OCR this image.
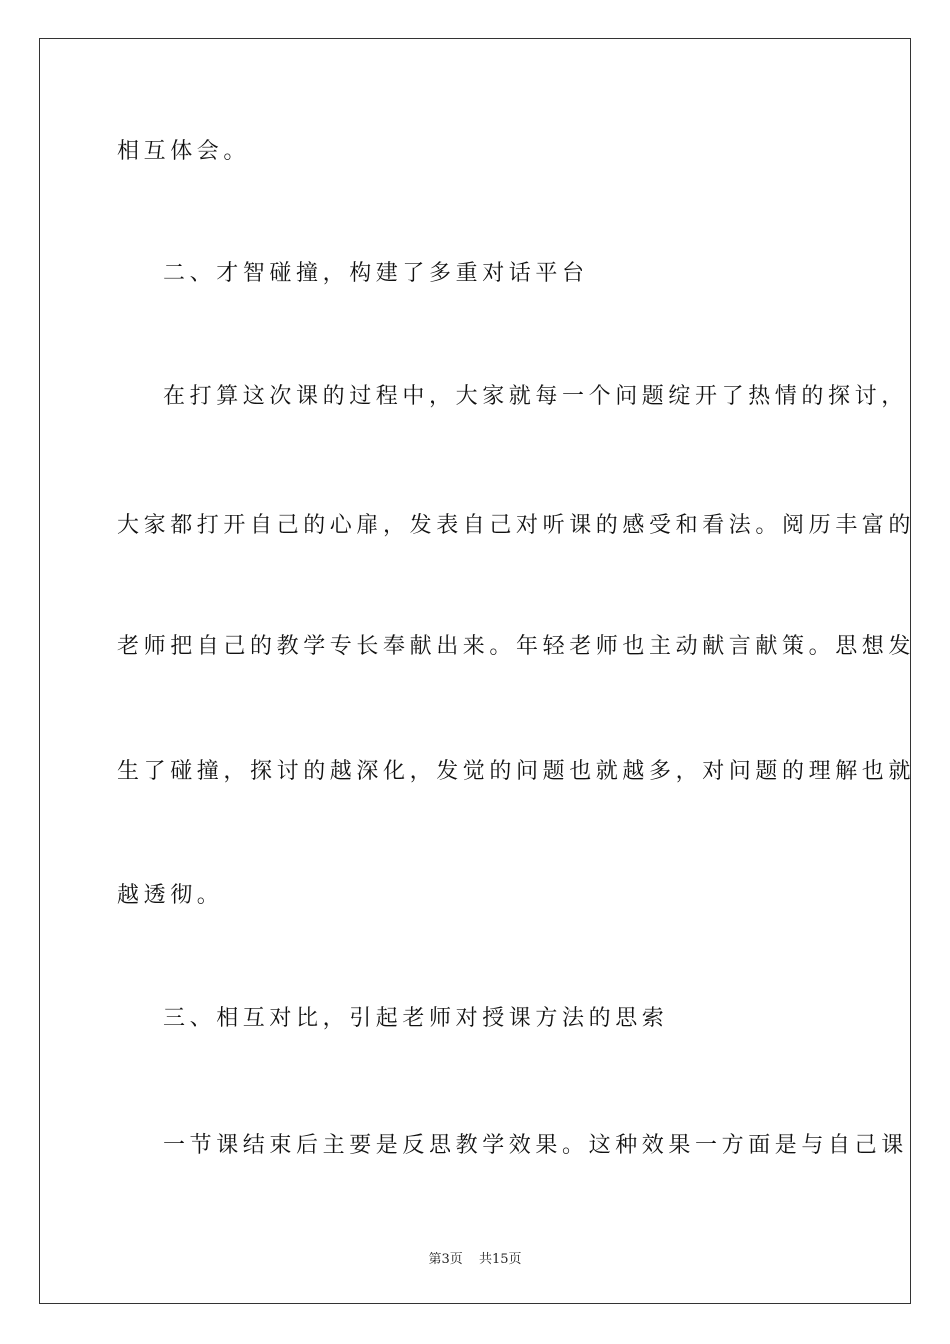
相互体会。
二、才智碰撞，构建了多重对话平台
在打算这次课的过程中，大家就每一个问题绽开了热情的探讨，
大家都打开自己的心扉，发表自己对听课的感受和看法。阅历丰富的
老师把自己的教学专长奉献出来。年轻老师也主动献言献策。思想发
生了碰撞，探讨的越深化，发觉的问题也就越多，对问题的理解也就
越透彻。
三、相互对比，引起老师对授课方法的思索
一节课结束后主要是反思教学效果。这种效果一方面是与自己课
第3页 共15页
